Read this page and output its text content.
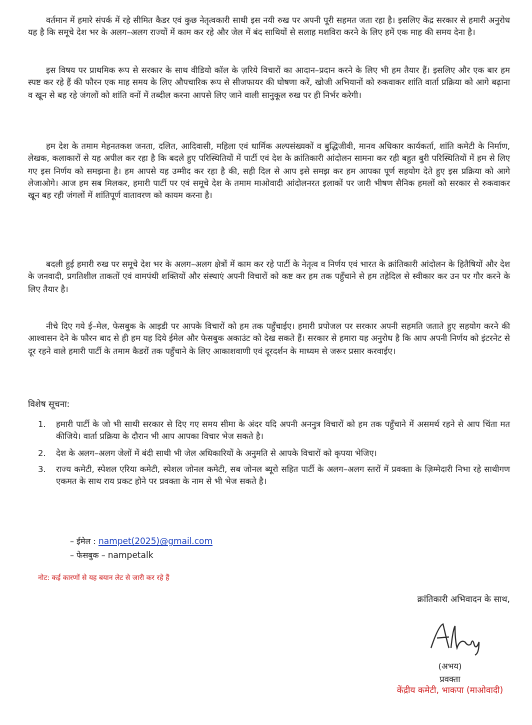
वर्तमान में हमारे संपर्क में रहे सीमित कैडर एवं कुछ नेतृत्वकारी साथी इस नयी रुख पर अपनी पूरी सहमत जता रहा है। इसलिए केंद्र सरकार से हमारी अनुरोध यह है कि समूचे देश भर के अलग–अलग राज्यों में काम कर रहे और जेल में बंद साथियों से सलाह मशविरा करने के लिए हमें एक माह की समय देना है।

इस विषय पर प्राथमिक रूप से सरकार के साथ वीडियो कॉल के ज़रिये विचारों का आदान–प्रदान करने के लिए भी हम तैयार हैं। इसलिए और एक बार हम स्पष्ट कर रहे हैं की फौरन एक माह समय के लिए औपचारिक रूप से सीजफायर की घोषणा करें, खोजी अभियानों को रुकवाकर शांति वार्ता प्रक्रिया को आगे बढ़ाना व खून से बह रहे जंगलों को शांति वनों में तब्दील करना आपसे लिए जाने वाली सानुकूल रुख पर ही निर्भर करेगी।

हम देश के तमाम मेहनतकश जनता, दलित, आदिवासी, महिला एवं धार्मिक अल्पसंख्यकों व बुद्धिजीवी, मानव अधिकार कार्यकर्ता, शांति कमेटी के निर्माण, लेखक, कलाकारों से यह अपील कर रहा है कि बदले हुए परिस्थितियों में पार्टी एवं देश के क्रांतिकारी आंदोलन सामना कर रही बहुत बुरी परिस्थितियों में हम से लिए गए इस निर्णय को समझना है। हम आपसे यह उम्मीद कर रहा है की, सही दिल से आप इसे समझ कर हम आपका पूर्ण सहयोग देते हुए इस प्रक्रिया को आगे लेजाओगे। आज हम सब मिलकर, हमारी पार्टी पर एवं समूचे देश के तमाम माओवादी आंदोलनरत इलाकों पर जारी भीषण सैनिक हमलों को सरकार से रुकवाकर खून बह रही जंगलों में शांतिपूर्ण वातावरण को कायम करना है।

बदली हुई हमारी रुख पर समूचे देश भर के अलग–अलग क्षेत्रों में काम कर रहे पार्टी के नेतृत्व व निर्णय एवं भारत के क्रांतिकारी आंदोलन के हितैषियों और देश के जनवादी, प्रगतिशील ताकतों एवं वामपंथी शक्तियों और संस्थाएं अपनी विचारों को कष्ट कर हम तक पहुँचाने से हम तहेदिल से स्वीकार कर उन पर गौर करने के लिए तैयार है।

नीचे दिए गये ई–मेल, फेसबुक के आइडी पर आपके विचारों को हम तक पहुँचाईए। हमारी प्रपोजल पर सरकार अपनी सहमति जताते हुए सहयोग करने की आश्वासन देने के फौरन बाद से ही हम यह दिये ईमेल और फेसबुक अकाउंट को देख सकते हैं। सरकार से हमारा यह अनुरोध है कि आप अपनी निर्णय को इंटरनेट से दूर रहने वाले हमारी पार्टी के तमाम कैडरों तक पहुँचाने के लिए आकाशवाणी एवं दूरदर्शन के माध्यम से जरूर प्रसार करवाईए।

विशेष सूचना:

1. हमारी पार्टी के जो भी साथी सरकार से दिए गए समय सीमा के अंदर यदि अपनी अननुत्र विचारों को हम तक पहुँचाने में असमर्थ रहने से आप चिंता मत कीजिये। वार्ता प्रक्रिया के दौरान भी आप आपका विचार भेज सकते है।
2. देश के अलग–अलग जेलों में बंदी साथी भी जेल अधिकारियों के अनुमति से आपके विचारों को कृपया भेजिए।
3. राज्य कमेटी, स्पेशल एरिया कमेटी, स्पेशल जोनल कमेटी, सब जोनल ब्यूरो सहित पार्टी के अलग–अलग स्तरों में प्रवक्ता के ज़िम्मेदारी निभा रहे साथीगण एकमत के साथ राय प्रकट होने पर प्रवक्ता के नाम से भी भेज सकते है।
– ईमेल : nampet(2025)@gmail.com
– फेसबुक – nampetalk

नोट: कई कारणों से यह बयान लेट से जारी कर रहे हैं

क्रांतिकारी अभिवादन के साथ,

(अभय)
प्रवक्ता
केंद्रीय कमेटी, भाकपा (माओवादी)
